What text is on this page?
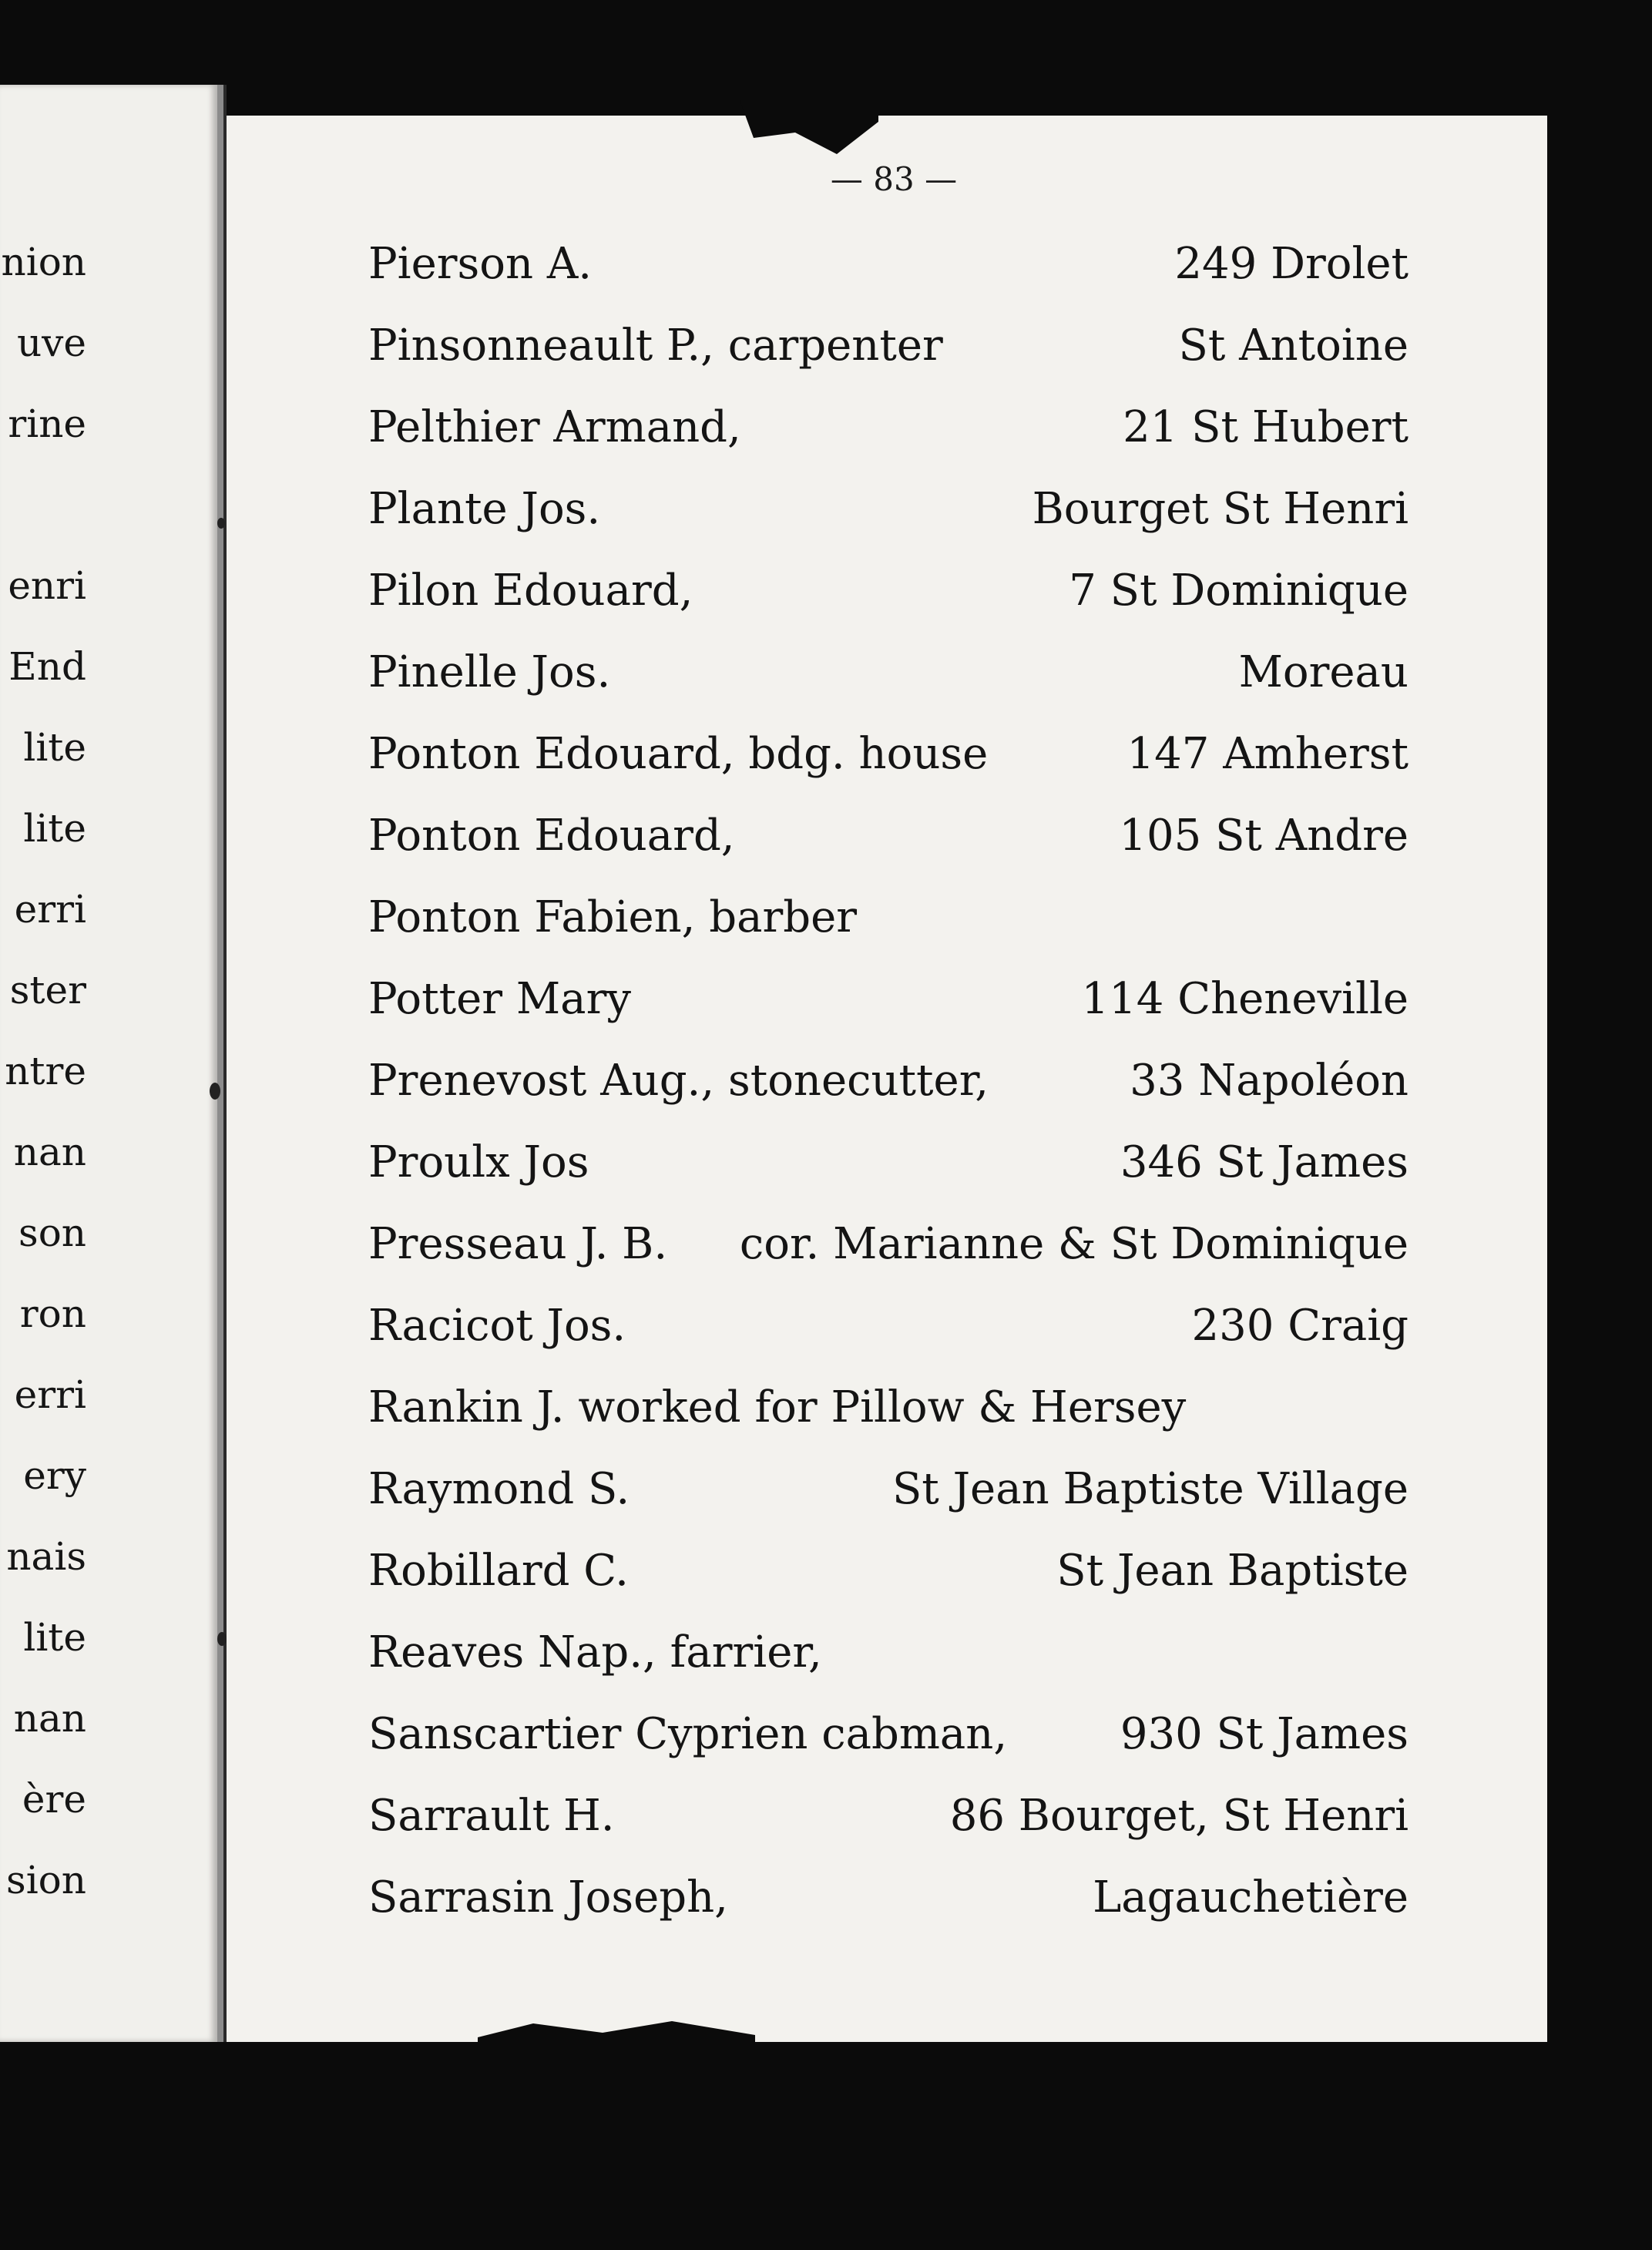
nion
uve
rine
enri
End
lite
lite
erri
ster
ntre
nan
son
ron
erri
ery
nais
lite
nan
ère
sion
— 83 —
Pierson A.	249 Drolet
Pinsonneault P., carpenter	St Antoine
Pelthier Armand,	21 St Hubert
Plante Jos.	Bourget St Henri
Pilon Edouard,	7 St Dominique
Pinelle Jos.	Moreau
Ponton Edouard, bdg. house	147 Amherst
Ponton Edouard,	105 St Andre
Ponton Fabien, barber
Potter Mary	114 Cheneville
Prenevost Aug., stonecutter,	33 Napoléon
Proulx Jos	346 St James
Presseau J. B. cor. Marianne & St Dominique
Racicot Jos.	230 Craig
Rankin J. worked for Pillow & Hersey
Raymond S.	St Jean Baptiste Village
Robillard C.	St Jean Baptiste
Reaves Nap., farrier,
Sanscartier Cyprien cabman,	930 St James
Sarrault H.	86 Bourget, St Henri
Sarrasin Joseph,	Lagauchetière
